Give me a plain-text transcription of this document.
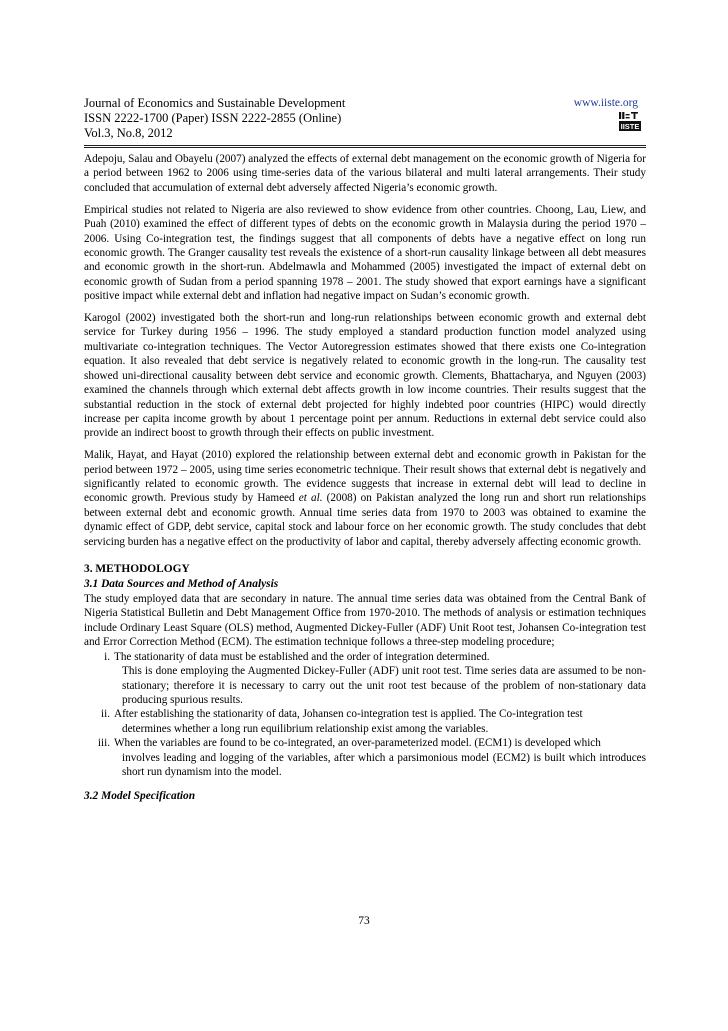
Journal of Economics and Sustainable Development

ISSN 2222-1700 (Paper) ISSN 2222-2855 (Online)

Vol.3, No.8, 2012

www.iiste.org
IISTE

Adepoju, Salau and Obayelu (2007) analyzed the effects of external debt management on the economic growth of Nigeria for a period between 1962 to 2006 using time-series data of the various bilateral and multi lateral arrangements. Their study concluded that accumulation of external debt adversely affected Nigeria’s economic growth.

Empirical studies not related to Nigeria are also reviewed to show evidence from other countries. Choong, Lau, Liew, and Puah (2010) examined the effect of different types of debts on the economic growth in Malaysia during the period 1970 – 2006. Using Co-integration test, the findings suggest that all components of debts have a negative effect on long run economic growth. The Granger causality test reveals the existence of a short-run causality linkage between all debt measures and economic growth in the short-run. Abdelmawla and Mohammed (2005) investigated the impact of external debt on economic growth of Sudan from a period spanning 1978 – 2001. The study showed that export earnings have a significant positive impact while external debt and inflation had negative impact on Sudan’s economic growth.

Karogol (2002) investigated both the short-run and long-run relationships between economic growth and external debt service for Turkey during 1956 – 1996. The study employed a standard production function model analyzed using multivariate co-integration techniques. The Vector Autoregression estimates showed that there exists one Co-integration equation. It also revealed that debt service is negatively related to economic growth in the long-run. The causality test showed uni-directional causality between debt service and economic growth. Clements, Bhattacharya, and Nguyen (2003) examined the channels through which external debt affects growth in low income countries. Their results suggest that the substantial reduction in the stock of external debt projected for highly indebted poor countries (HIPC) would directly increase per capita income growth by about 1 percentage point per annum. Reductions in external debt service could also provide an indirect boost to growth through their effects on public investment.

Malik, Hayat, and Hayat (2010) explored the relationship between external debt and economic growth in Pakistan for the period between 1972 – 2005, using time series econometric technique. Their result shows that external debt is negatively and significantly related to economic growth. The evidence suggests that increase in external debt will lead to decline in economic growth. Previous study by Hameed et al. (2008) on Pakistan analyzed the long run and short run relationships between external debt and economic growth. Annual time series data from 1970 to 2003 was obtained to examine the dynamic effect of GDP, debt service, capital stock and labour force on her economic growth. The study concludes that debt servicing burden has a negative effect on the productivity of labor and capital, thereby adversely affecting economic growth.

3. METHODOLOGY
3.1 Data Sources and Method of Analysis

The study employed data that are secondary in nature. The annual time series data was obtained from the Central Bank of Nigeria Statistical Bulletin and Debt Management Office from 1970-2010. The methods of analysis or estimation techniques include Ordinary Least Square (OLS) method, Augmented Dickey-Fuller (ADF) Unit Root test, Johansen Co-integration test and Error Correction Method (ECM). The estimation technique follows a three-step modeling procedure;

i. The stationarity of data must be established and the order of integration determined.
This is done employing the Augmented Dickey-Fuller (ADF) unit root test. Time series data are assumed to be non-stationary; therefore it is necessary to carry out the unit root test because of the problem of non-stationary data producing spurious results.
ii. After establishing the stationarity of data, Johansen co-integration test is applied. The Co-integration test
determines whether a long run equilibrium relationship exist among the variables.
iii. When the variables are found to be co-integrated, an over-parameterized model. (ECM1) is developed which
involves leading and logging of the variables, after which a parsimonious model (ECM2) is built which introduces short run dynamism into the model.
3.2 Model Specification
73
